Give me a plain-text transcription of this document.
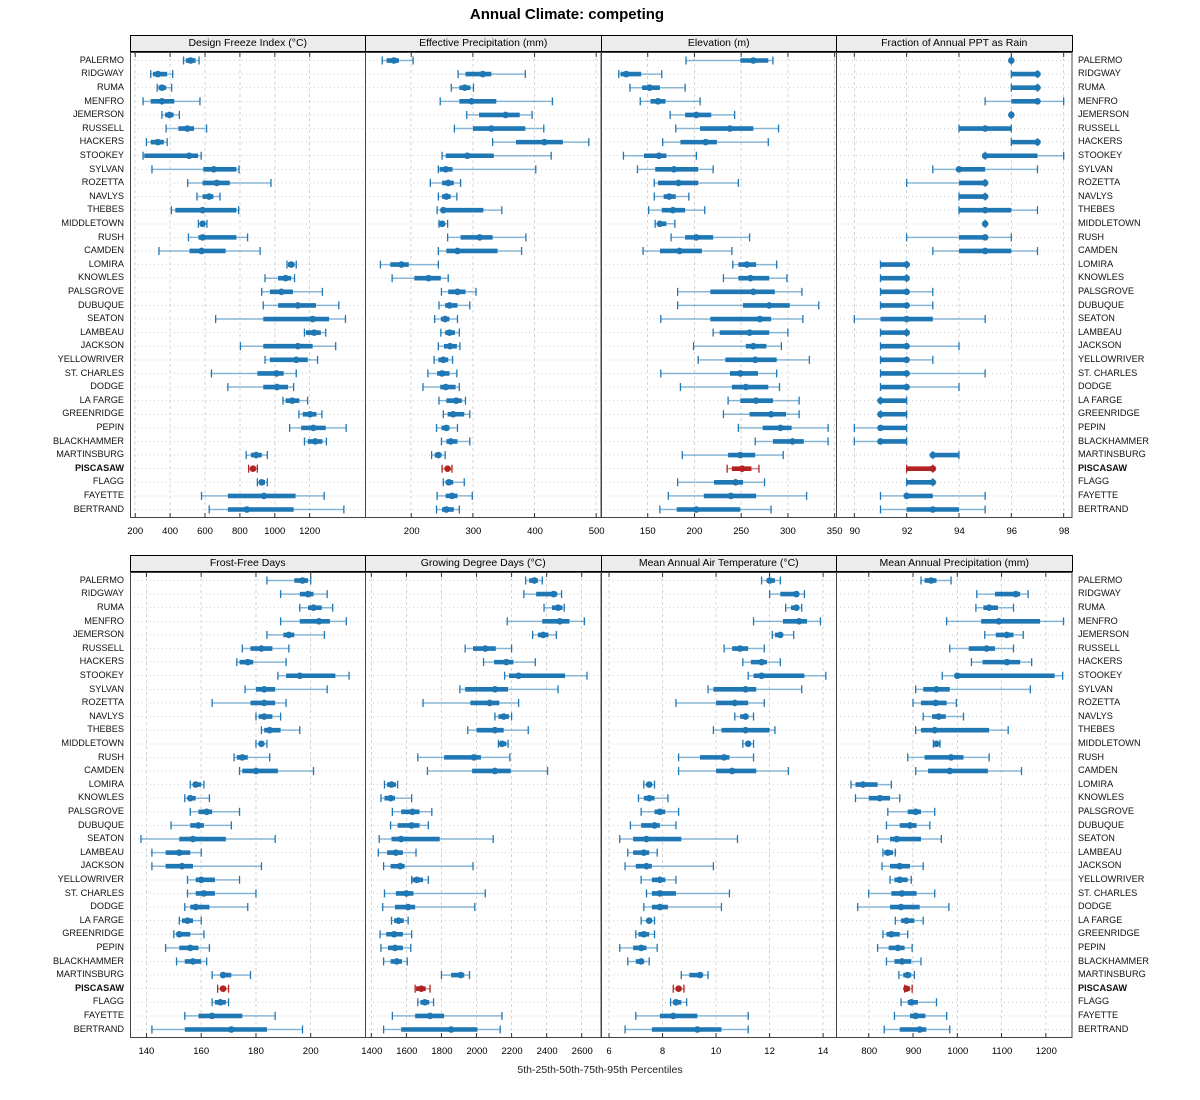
Annual Climate: competing
5th-25th-50th-75th-95th Percentiles
PALERMO	PALERMO
RIDGWAY	RIDGWAY
RUMA	RUMA
MENFRO	MENFRO
JEMERSON	JEMERSON
RUSSELL	RUSSELL
HACKERS	HACKERS
STOOKEY	STOOKEY
SYLVAN	SYLVAN
ROZETTA	ROZETTA
NAVLYS	NAVLYS
THEBES	THEBES
MIDDLETOWN	MIDDLETOWN
RUSH	RUSH
CAMDEN	CAMDEN
LOMIRA	LOMIRA
KNOWLES	KNOWLES
PALSGROVE	PALSGROVE
DUBUQUE	DUBUQUE
SEATON	SEATON
LAMBEAU	LAMBEAU
JACKSON	JACKSON
YELLOWRIVER	YELLOWRIVER
ST. CHARLES	ST. CHARLES
DODGE	DODGE
LA FARGE	LA FARGE
GREENRIDGE	GREENRIDGE
PEPIN	PEPIN
BLACKHAMMER	BLACKHAMMER
MARTINSBURG	MARTINSBURG
PISCASAW	PISCASAW
FLAGG	FLAGG
FAYETTE	FAYETTE
BERTRAND	BERTRAND
Design Freeze Index (°C)
200 400 600 800 1000 1200
Effective Precipitation (mm)
200	300	400	500
Elevation (m)
150	200	250	300	350
Fraction of Annual PPT as Rain
90	92	94	96	98
PALERMO	PALERMO
RIDGWAY	RIDGWAY
RUMA	RUMA
MENFRO	MENFRO
JEMERSON	JEMERSON
RUSSELL	RUSSELL
HACKERS	HACKERS
STOOKEY	STOOKEY
SYLVAN	SYLVAN
ROZETTA	ROZETTA
NAVLYS	NAVLYS
THEBES	THEBES
MIDDLETOWN	MIDDLETOWN
RUSH	RUSH
CAMDEN	CAMDEN
LOMIRA	LOMIRA
KNOWLES	KNOWLES
PALSGROVE	PALSGROVE
DUBUQUE	DUBUQUE
SEATON	SEATON
LAMBEAU	LAMBEAU
JACKSON	JACKSON
YELLOWRIVER	YELLOWRIVER
ST. CHARLES	ST. CHARLES
DODGE	DODGE
LA FARGE	LA FARGE
GREENRIDGE	GREENRIDGE
PEPIN	PEPIN
BLACKHAMMER	BLACKHAMMER
MARTINSBURG	MARTINSBURG
PISCASAW	PISCASAW
FLAGG	FLAGG
FAYETTE	FAYETTE
BERTRAND	BERTRAND
Frost-Free Days
140	160	180	200
Growing Degree Days (°C)
1400 1600 1800 2000 2200 2400 2600
Mean Annual Air Temperature (°C)
6	8	10	12	14
Mean Annual Precipitation (mm)
800	900	1000 1100 1200
